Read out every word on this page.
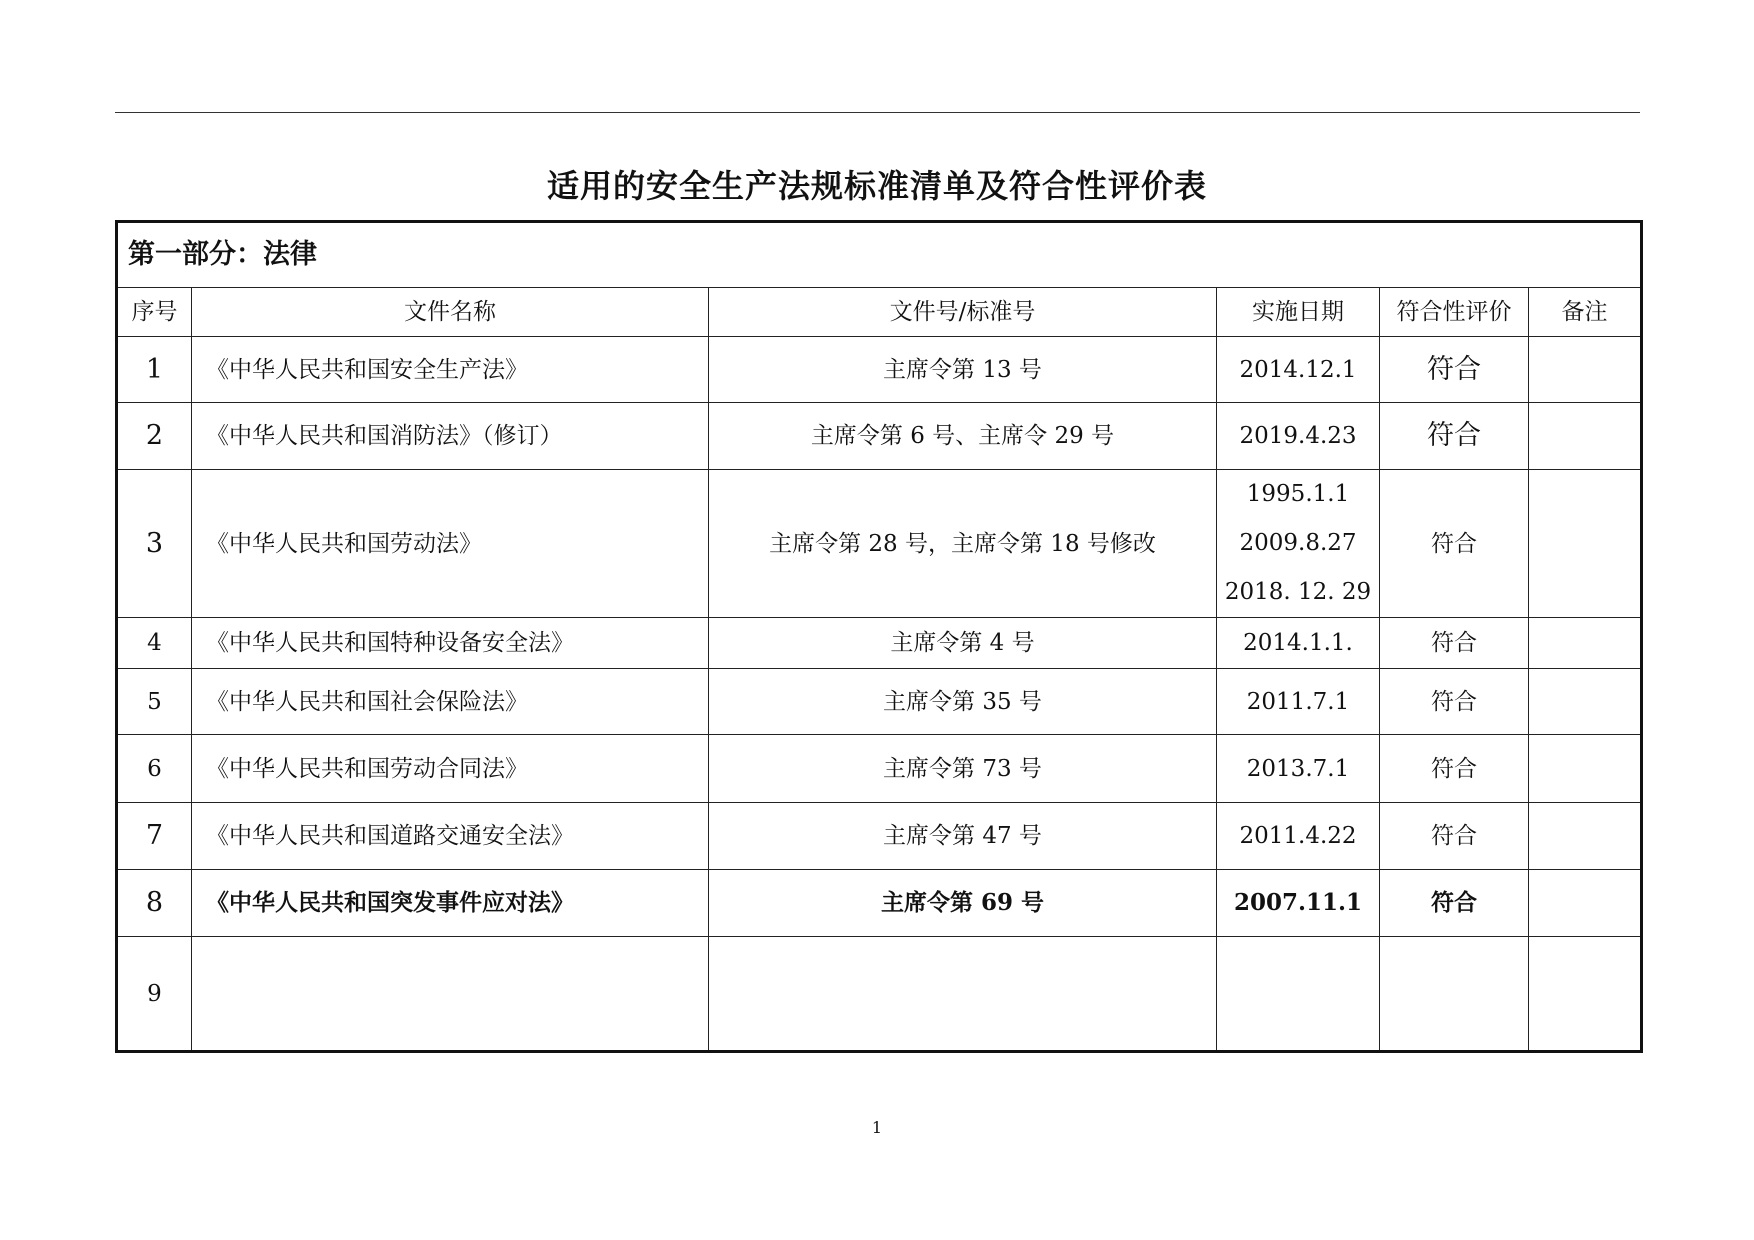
适用的安全生产法规标准清单及符合性评价表
第一部分：法律					
序号	文件名称	文件号/标准号	实施日期	符合性评价	备注
1	《中华人民共和国安全生产法》	主席令第 13 号	2014.12.1	符合	
2	《中华人民共和国消防法》（修订）	主席令第 6 号、主席令 29 号	2019.4.23	符合	
3	《中华人民共和国劳动法》	主席令第 28 号，主席令第 18 号修改	1995.1.1
2009.8.27
2018. 12. 29	符合	
4	《中华人民共和国特种设备安全法》	主席令第 4 号	2014.1.1.	符合	
5	《中华人民共和国社会保险法》	主席令第 35 号	2011.7.1	符合	
6	《中华人民共和国劳动合同法》	主席令第 73 号	2013.7.1	符合	
7	《中华人民共和国道路交通安全法》	主席令第 47 号	2011.4.22	符合	
8	《中华人民共和国突发事件应对法》	主席令第 69 号	2007.11.1	符合	
9					
1
